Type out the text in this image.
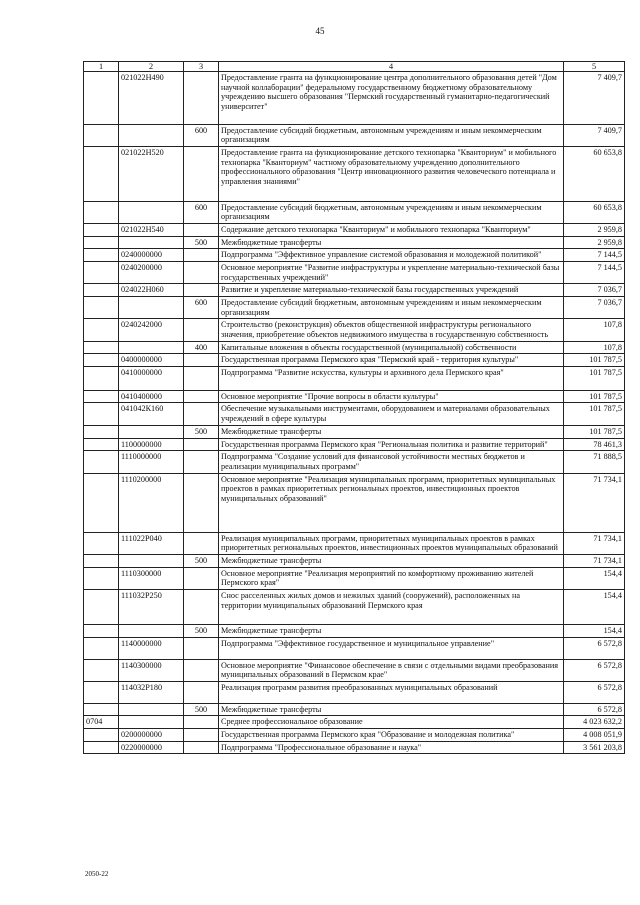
45
1	2	3	4	5
	021022Н490		Предоставление гранта на функционирование центра дополнительного образования детей "Дом научной коллаборации" федеральному государственному бюджетному образовательному учреждению высшего образования "Пермский государственный гуманитарно-педагогический университет"	7 409,7
		600	Предоставление субсидий бюджетным, автономным учреждениям и иным некоммерческим организациям	7 409,7
	021022Н520		Предоставление гранта на функционирование детского технопарка "Кванториум" и мобильного технопарка "Кванториум" частному образовательному учреждению дополнительного профессионального образования "Центр инновационного развития человеческого потенциала и управления знаниями"	60 653,8
		600	Предоставление субсидий бюджетным, автономным учреждениям и иным некоммерческим организациям	60 653,8
	021022Н540		Содержание детского технопарка "Кванториум" и мобильного технопарка "Кванториум"	2 959,8
		500	Межбюджетные трансферты	2 959,8
	0240000000		Подпрограмма "Эффективное управление системой образования и молодежной политикой"	7 144,5
	0240200000		Основное мероприятие "Развитие инфраструктуры и укрепление материально-технической базы государственных учреждений"	7 144,5
	024022Н060		Развитие и укрепление материально-технической базы государственных учреждений	7 036,7
		600	Предоставление субсидий бюджетным, автономным учреждениям и иным некоммерческим организациям	7 036,7
	0240242000		Строительство (реконструкция) объектов общественной инфраструктуры регионального значения, приобретение объектов недвижимого имущества в государственную собственность	107,8
		400	Капитальные вложения в объекты государственной (муниципальной) собственности	107,8
	0400000000		Государственная программа Пермского края "Пермский край - территория культуры"	101 787,5
	0410000000		Подпрограмма "Развитие искусства, культуры и архивного дела Пермского края"	101 787,5
	0410400000		Основное мероприятие "Прочие вопросы в области культуры"	101 787,5
	041042К160		Обеспечение музыкальными инструментами, оборудованием и материалами образовательных учреждений в сфере культуры	101 787,5
		500	Межбюджетные трансферты	101 787,5
	1100000000		Государственная программа Пермского края "Региональная политика и развитие территорий"	78 461,3
	1110000000		Подпрограмма "Создание условий для финансовой устойчивости местных бюджетов и реализации муниципальных программ"	71 888,5
	1110200000		Основное мероприятие "Реализация муниципальных программ, приоритетных муниципальных проектов в рамках приоритетных региональных проектов, инвестиционных проектов муниципальных образований"	71 734,1
	111022Р040		Реализация муниципальных программ, приоритетных муниципальных проектов в рамках приоритетных региональных проектов, инвестиционных проектов муниципальных образований	71 734,1
		500	Межбюджетные трансферты	71 734,1
	1110300000		Основное мероприятие "Реализация мероприятий по комфортному проживанию жителей Пермского края"	154,4
	111032Р250		Снос расселенных жилых домов и нежилых зданий (сооружений), расположенных на территории муниципальных образований Пермского края	154,4
		500	Межбюджетные трансферты	154,4
	1140000000		Подпрограмма "Эффективное государственное и муниципальное управление"	6 572,8
	1140300000		Основное мероприятие "Финансовое обеспечение в связи с отдельными видами преобразования муниципальных образований в Пермском крае"	6 572,8
	114032Р180		Реализация программ развития преобразованных муниципальных образований	6 572,8
		500	Межбюджетные трансферты	6 572,8
0704			Среднее профессиональное образование	4 023 632,2
	0200000000		Государственная программа Пермского края "Образование и молодежная политика"	4 008 051,9
	0220000000		Подпрограмма "Профессиональное образование и наука"	3 561 203,8
2050-22
